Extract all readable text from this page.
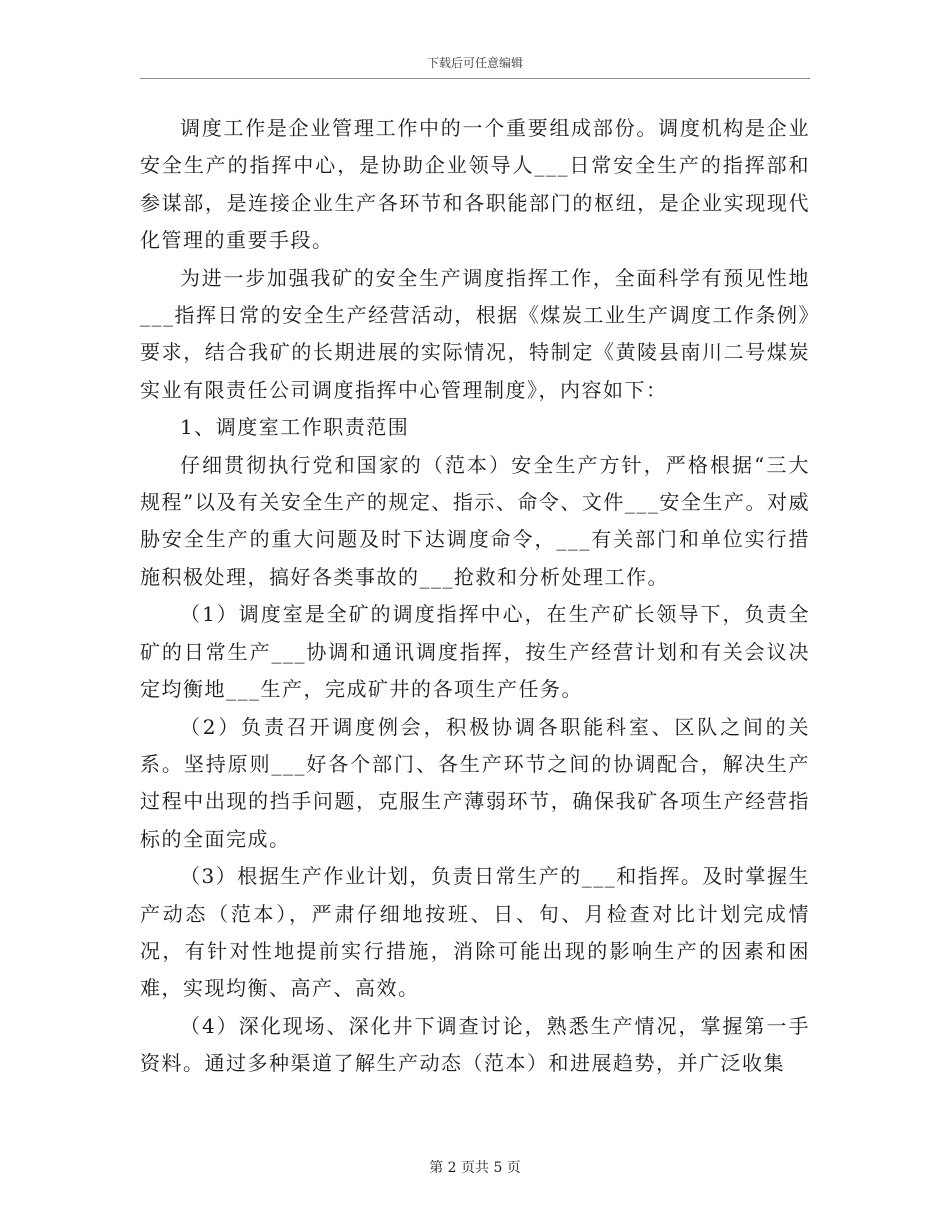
下载后可任意编辑

调度工作是企业管理工作中的一个重要组成部份。调度机构是企业安全生产的指挥中心，是协助企业领导人___日常安全生产的指挥部和参谋部，是连接企业生产各环节和各职能部门的枢纽，是企业实现现代化管理的重要手段。

为进一步加强我矿的安全生产调度指挥工作，全面科学有预见性地___指挥日常的安全生产经营活动，根据《煤炭工业生产调度工作条例》要求，结合我矿的长期进展的实际情况，特制定《黄陵县南川二号煤炭实业有限责任公司调度指挥中心管理制度》，内容如下：

1、调度室工作职责范围

仔细贯彻执行党和国家的（范本）安全生产方针，严格根据“三大规程”以及有关安全生产的规定、指示、命令、文件___安全生产。对威胁安全生产的重大问题及时下达调度命令，___有关部门和单位实行措施积极处理，搞好各类事故的___抢救和分析处理工作。

（1）调度室是全矿的调度指挥中心，在生产矿长领导下，负责全矿的日常生产___协调和通讯调度指挥，按生产经营计划和有关会议决定均衡地___生产，完成矿井的各项生产任务。

（2）负责召开调度例会，积极协调各职能科室、区队之间的关系。坚持原则___好各个部门、各生产环节之间的协调配合，解决生产过程中出现的挡手问题，克服生产薄弱环节，确保我矿各项生产经营指标的全面完成。

（3）根据生产作业计划，负责日常生产的___和指挥。及时掌握生产动态（范本），严肃仔细地按班、日、旬、月检查对比计划完成情况，有针对性地提前实行措施，消除可能出现的影响生产的因素和困难，实现均衡、高产、高效。

（4）深化现场、深化井下调查讨论，熟悉生产情况，掌握第一手资料。通过多种渠道了解生产动态（范本）和进展趋势，并广泛收集

第 2 页共 5 页
